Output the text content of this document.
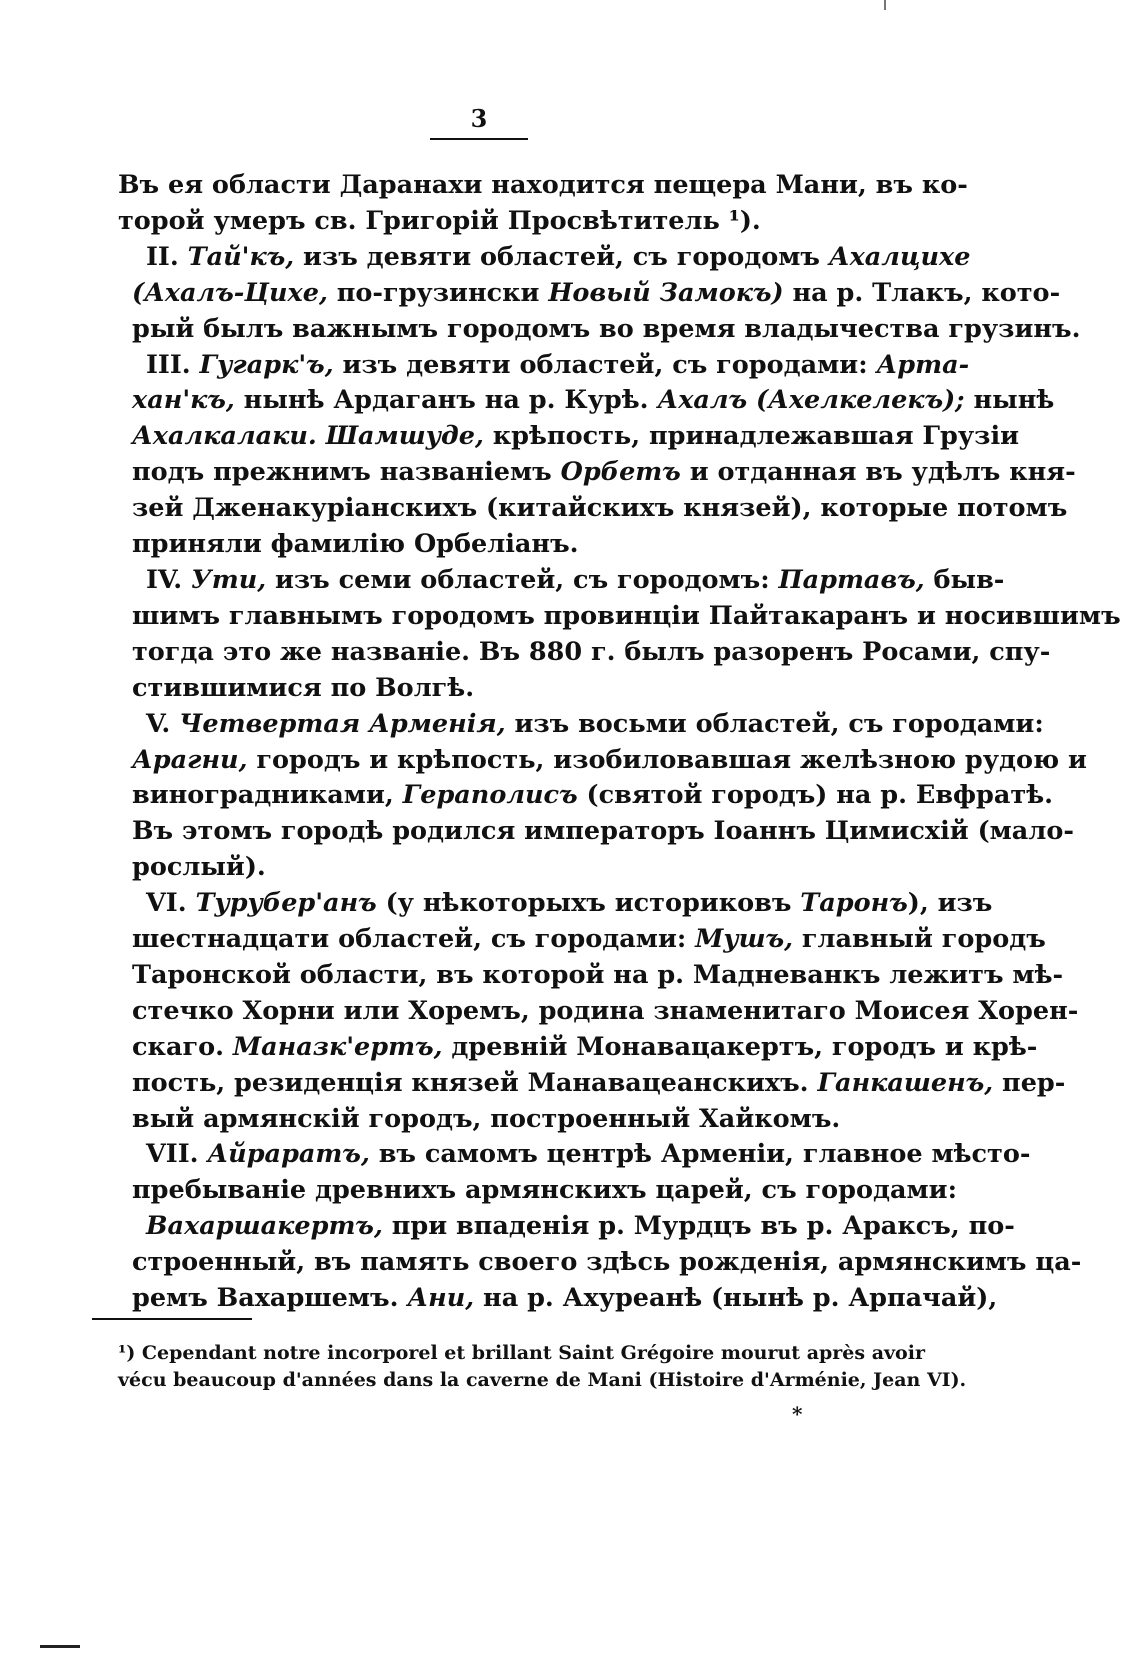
3
Въ ея области Даранахи находится пещера Мани, въ ко-
торой умеръ св. Григорій Просвѣтитель ¹).
II. Тай'къ, изъ девяти областей, съ городомъ Ахалцихе
(Ахалъ-Цихе, по-грузински Новый Замокъ) на р. Тлакъ, кото-
рый былъ важнымъ городомъ во время владычества грузинъ.
III. Гугарк'ъ, изъ девяти областей, съ городами: Арта-
хан'къ, нынѣ Ардаганъ на р. Курѣ. Ахалъ (Ахелкелекъ); нынѣ
Ахалкалаки. Шамшуде, крѣпость, принадлежавшая Грузіи
подъ прежнимъ названіемъ Орбетъ и отданная въ удѣлъ кня-
зей Дженакуріанскихъ (китайскихъ князей), которые потомъ
приняли фамилію Орбеліанъ.
IV. Ути, изъ семи областей, съ городомъ: Партавъ, быв-
шимъ главнымъ городомъ провинціи Пайтакаранъ и носившимъ
тогда это же названіе. Въ 880 г. былъ разоренъ Росами, спу-
стившимися по Волгѣ.
V. Четвертая Арменія, изъ восьми областей, съ городами:
Арагни, городъ и крѣпость, изобиловавшая желѣзною рудою и
виноградниками, Гераполисъ (святой городъ) на р. Евфратѣ.
Въ этомъ городѣ родился императоръ Іоаннъ Цимисхій (мало-
рослый).
VI. Турубер'анъ (у нѣкоторыхъ историковъ Таронъ), изъ
шестнадцати областей, съ городами: Мушъ, главный городъ
Таронской области, въ которой на р. Мадневанкъ лежитъ мѣ-
стечко Хорни или Хоремъ, родина знаменитаго Моисея Хорен-
скаго. Маназк'ертъ, древній Монавацакертъ, городъ и крѣ-
пость, резиденція князей Манавацеанскихъ. Ганкашенъ, пер-
вый армянскій городъ, построенный Хайкомъ.
VII. Айраратъ, въ самомъ центрѣ Арменіи, главное мѣсто-
пребываніе древнихъ армянскихъ царей, съ городами:
Вахаршакертъ, при впаденія р. Мурдцъ въ р. Араксъ, по-
строенный, въ память своего здѣсь рожденія, армянскимъ ца-
ремъ Вахаршемъ. Ани, на р. Ахуреанѣ (нынѣ р. Арпачай),
¹) Cependant notre incorporel et brillant Saint Grégoire mourut après avoir
vécu beaucoup d'années dans la caverne de Mani (Histoire d'Arménie, Jean VI).
*
